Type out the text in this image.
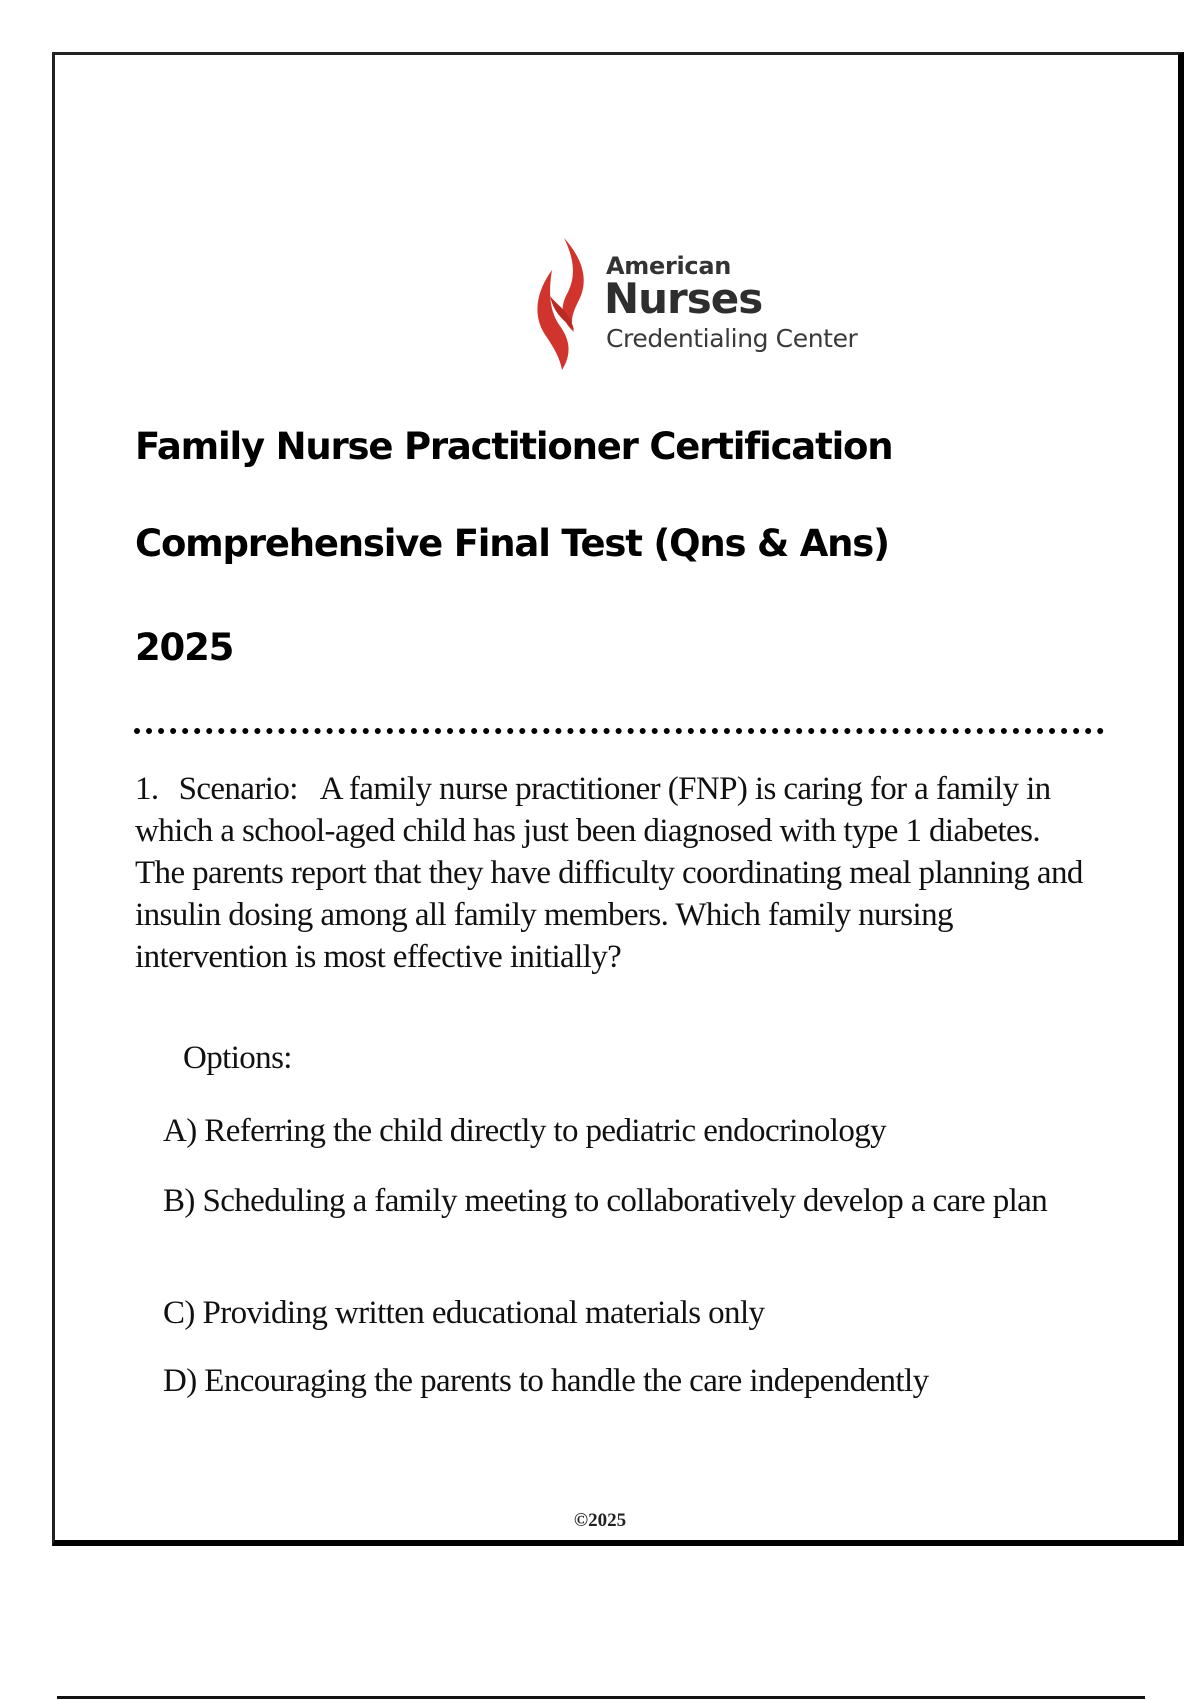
American
Nurses
Credentialing Center
Family Nurse Practitioner Certification
Comprehensive Final Test (Qns & Ans)
2025
1. Scenario: A family nurse practitioner (FNP) is caring for a family in which a school-aged child has just been diagnosed with type 1 diabetes. The parents report that they have difficulty coordinating meal planning and insulin dosing among all family members. Which family nursing intervention is most effective initially?
Options:
A) Referring the child directly to pediatric endocrinology
B) Scheduling a family meeting to collaboratively develop a care plan
C) Providing written educational materials only
D) Encouraging the parents to handle the care independently
©2025
